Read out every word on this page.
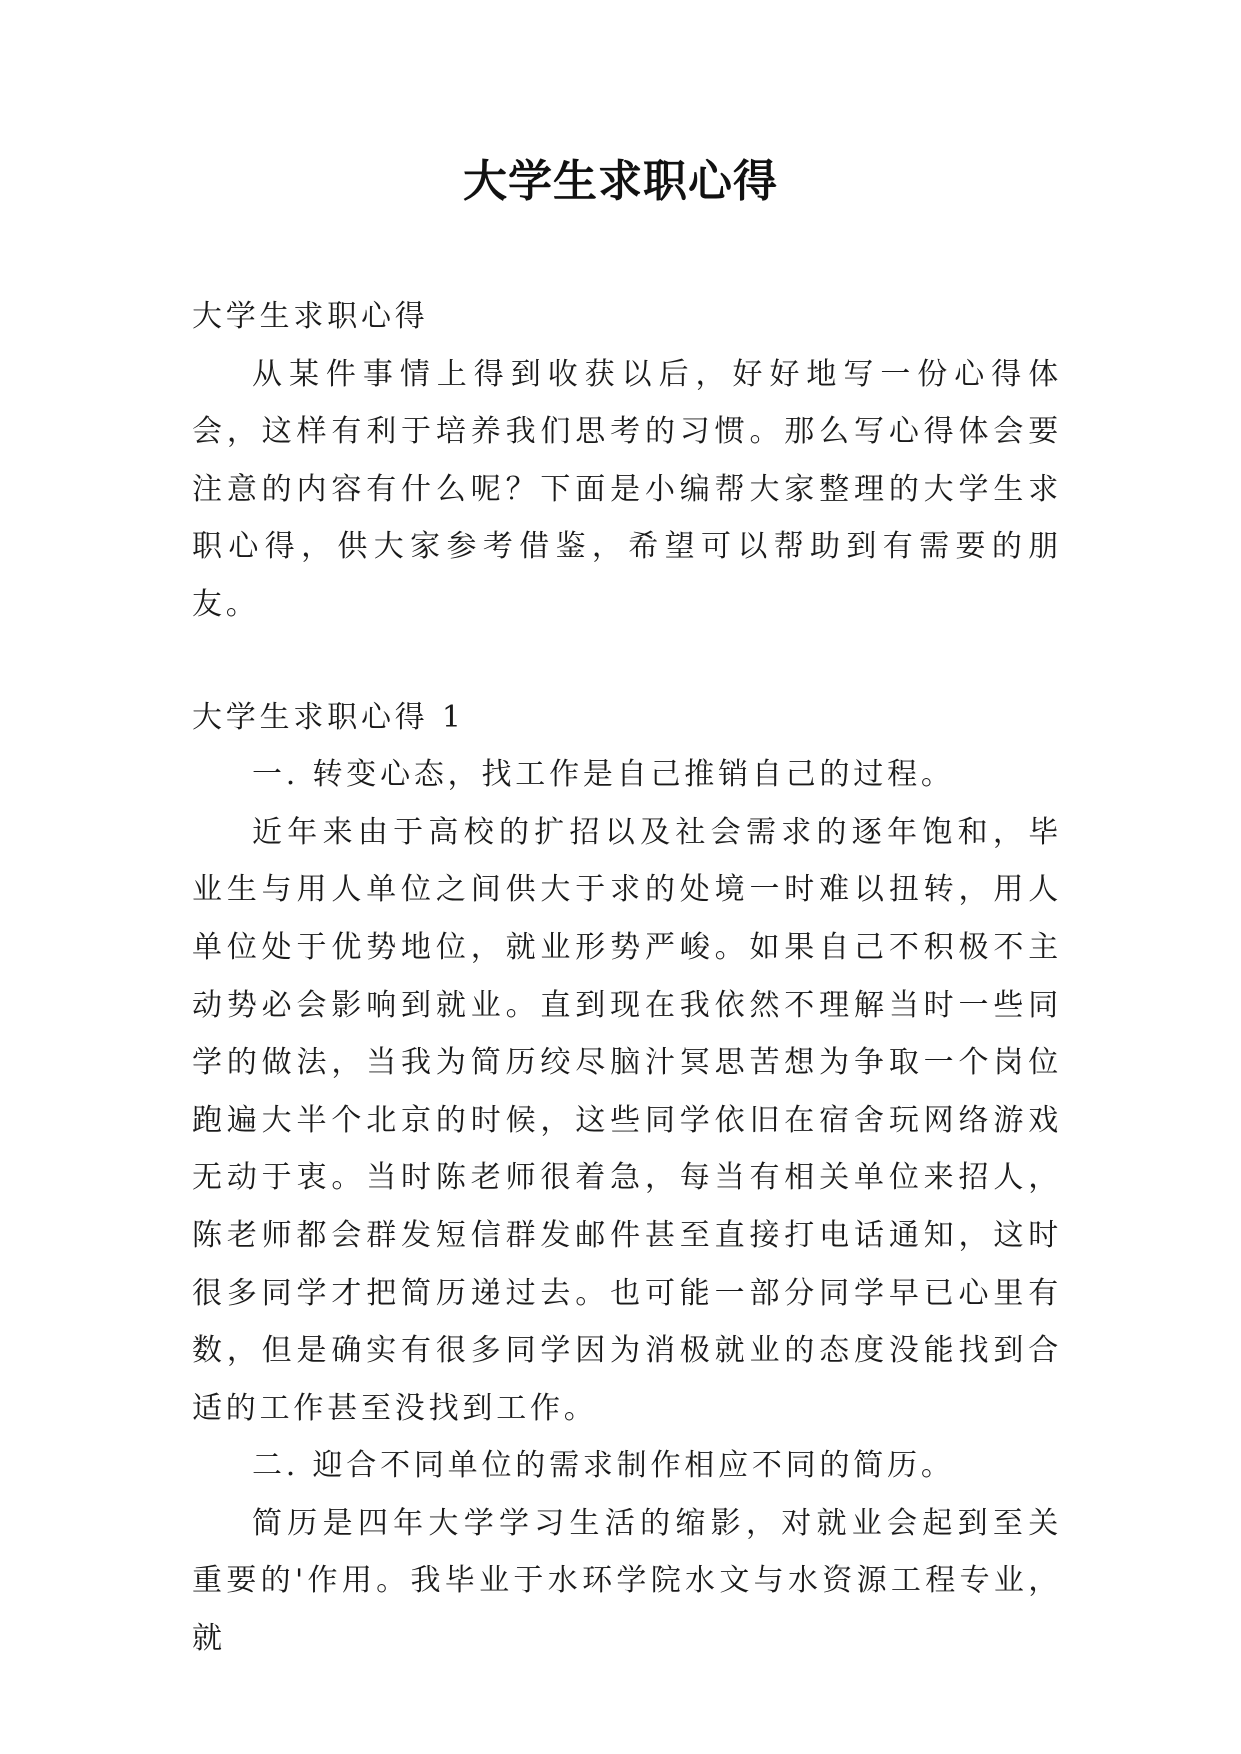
大学生求职心得

大学生求职心得

从某件事情上得到收获以后，好好地写一份心得体会，这样有利于培养我们思考的习惯。那么写心得体会要注意的内容有什么呢？下面是小编帮大家整理的大学生求职心得，供大家参考借鉴，希望可以帮助到有需要的朋友。

大学生求职心得 1

一. 转变心态，找工作是自己推销自己的过程。

近年来由于高校的扩招以及社会需求的逐年饱和，毕业生与用人单位之间供大于求的处境一时难以扭转，用人单位处于优势地位，就业形势严峻。如果自己不积极不主动势必会影响到就业。直到现在我依然不理解当时一些同学的做法，当我为简历绞尽脑汁冥思苦想为争取一个岗位跑遍大半个北京的时候，这些同学依旧在宿舍玩网络游戏无动于衷。当时陈老师很着急，每当有相关单位来招人，陈老师都会群发短信群发邮件甚至直接打电话通知，这时很多同学才把简历递过去。也可能一部分同学早已心里有数，但是确实有很多同学因为消极就业的态度没能找到合适的工作甚至没找到工作。

二. 迎合不同单位的需求制作相应不同的简历。

简历是四年大学学习生活的缩影，对就业会起到至关重要的'作用。我毕业于水环学院水文与水资源工程专业，就
